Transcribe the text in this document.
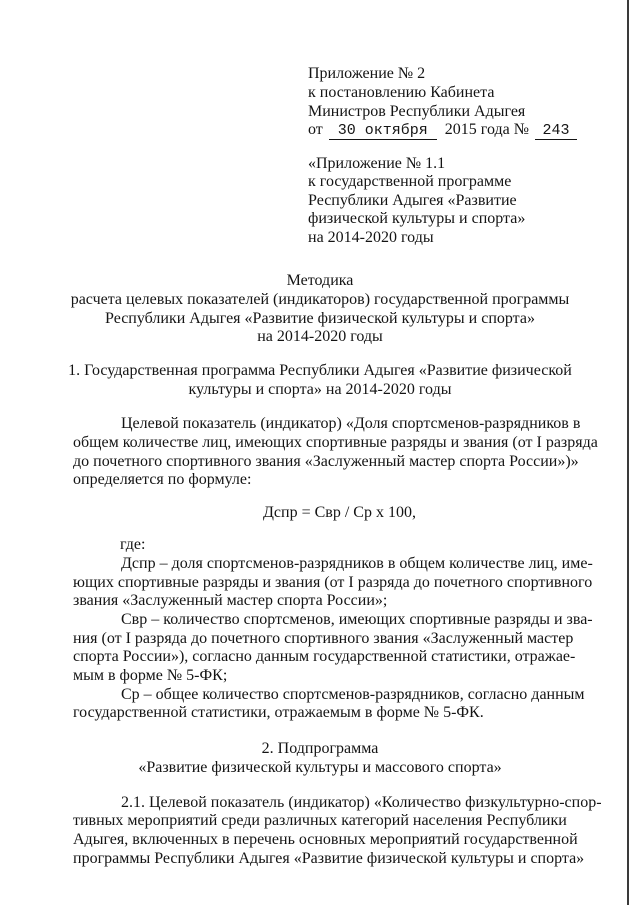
Приложение № 2
к постановлению Кабинета
Министров Республики Адыгея
от 30 октября 2015 года № 243
«Приложение № 1.1
к государственной программе
Республики Адыгея «Развитие
физической культуры и спорта»
на 2014-2020 годы
Методика
расчета целевых показателей (индикаторов) государственной программы
Республики Адыгея «Развитие физической культуры и спорта»
на 2014-2020 годы
1. Государственная программа Республики Адыгея «Развитие физической
культуры и спорта» на 2014-2020 годы
Целевой показатель (индикатор) «Доля спортсменов-разрядников в
общем количестве лиц, имеющих спортивные разряды и звания (от I разряда
до почетного спортивного звания «Заслуженный мастер спорта России»)»
определяется по формуле:
Дспр = Свр / Ср x 100,
где:
Дспр – доля спортсменов-разрядников в общем количестве лиц, име-
ющих спортивные разряды и звания (от I разряда до почетного спортивного
звания «Заслуженный мастер спорта России»;
Свр – количество спортсменов, имеющих спортивные разряды и зва-
ния (от I разряда до почетного спортивного звания «Заслуженный мастер
спорта России»), согласно данным государственной статистики, отражае-
мым в форме № 5-ФК;
Ср – общее количество спортсменов-разрядников, согласно данным
государственной статистики, отражаемым в форме № 5-ФК.
2. Подпрограмма
«Развитие физической культуры и массового спорта»
2.1. Целевой показатель (индикатор) «Количество физкультурно-спор-
тивных мероприятий среди различных категорий населения Республики
Адыгея, включенных в перечень основных мероприятий государственной
программы Республики Адыгея «Развитие физической культуры и спорта»
